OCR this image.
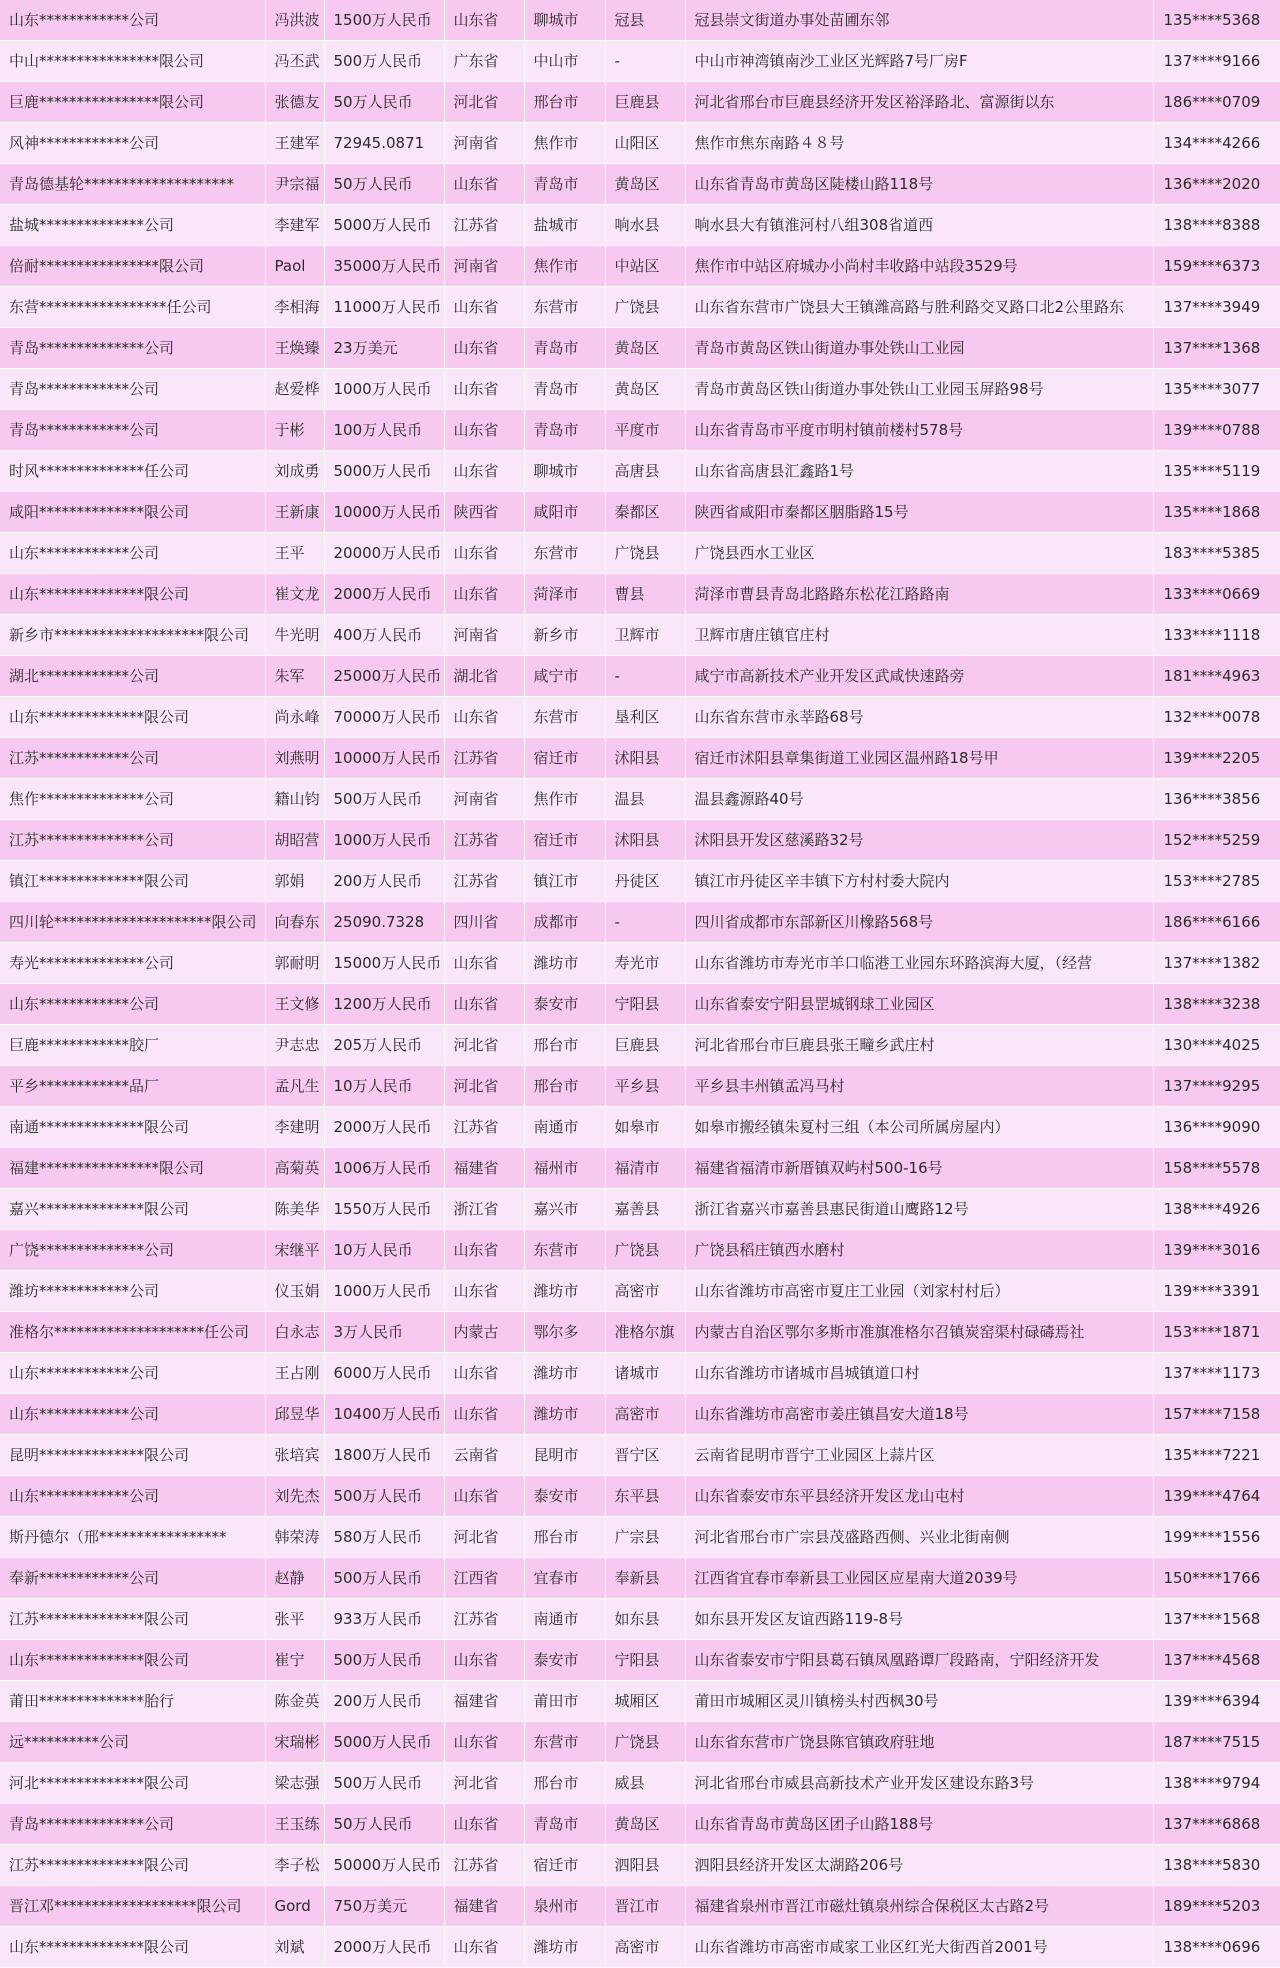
山东************公司	冯洪波	1500万人民币	山东省	聊城市	冠县	冠县崇文街道办事处苗圃东邻	135****5368
中山****************限公司	冯丕武	500万人民币	广东省	中山市	-	中山市神湾镇南沙工业区光辉路7号厂房F	137****9166
巨鹿****************限公司	张德友	50万人民币	河北省	邢台市	巨鹿县	河北省邢台市巨鹿县经济开发区裕泽路北、富源街以东	186****0709
风神************公司	王建军	72945.0871	河南省	焦作市	山阳区	焦作市焦东南路４８号	134****4266
青岛德基轮********************	尹宗福	50万人民币	山东省	青岛市	黄岛区	山东省青岛市黄岛区陡楼山路118号	136****2020
盐城**************公司	李建军	5000万人民币	江苏省	盐城市	响水县	响水县大有镇淮河村八组308省道西	138****8388
倍耐****************限公司	Paol	35000万人民币	河南省	焦作市	中站区	焦作市中站区府城办小尚村丰收路中站段3529号	159****6373
东营*****************任公司	李相海	11000万人民币	山东省	东营市	广饶县	山东省东营市广饶县大王镇潍高路与胜利路交叉路口北2公里路东	137****3949
青岛**************公司	王焕臻	23万美元	山东省	青岛市	黄岛区	青岛市黄岛区铁山街道办事处铁山工业园	137****1368
青岛************公司	赵爱桦	1000万人民币	山东省	青岛市	黄岛区	青岛市黄岛区铁山街道办事处铁山工业园玉屏路98号	135****3077
青岛************公司	于彬	100万人民币	山东省	青岛市	平度市	山东省青岛市平度市明村镇前楼村578号	139****0788
时风**************任公司	刘成勇	5000万人民币	山东省	聊城市	高唐县	山东省高唐县汇鑫路1号	135****5119
咸阳**************限公司	王新康	10000万人民币	陕西省	咸阳市	秦都区	陕西省咸阳市秦都区胭脂路15号	135****1868
山东************公司	王平	20000万人民币	山东省	东营市	广饶县	广饶县西水工业区	183****5385
山东**************限公司	崔文龙	2000万人民币	山东省	菏泽市	曹县	菏泽市曹县青岛北路路东松花江路路南	133****0669
新乡市********************限公司	牛光明	400万人民币	河南省	新乡市	卫辉市	卫辉市唐庄镇官庄村	133****1118
湖北************公司	朱军	25000万人民币	湖北省	咸宁市	-	咸宁市高新技术产业开发区武咸快速路旁	181****4963
山东**************限公司	尚永峰	70000万人民币	山东省	东营市	垦利区	山东省东营市永莘路68号	132****0078
江苏************公司	刘燕明	10000万人民币	江苏省	宿迁市	沭阳县	宿迁市沭阳县章集街道工业园区温州路18号甲	139****2205
焦作**************公司	籍山钧	500万人民币	河南省	焦作市	温县	温县鑫源路40号	136****3856
江苏**************公司	胡昭营	1000万人民币	江苏省	宿迁市	沭阳县	沭阳县开发区慈溪路32号	152****5259
镇江**************限公司	郭娟	200万人民币	江苏省	镇江市	丹徒区	镇江市丹徒区辛丰镇下方村村委大院内	153****2785
四川轮*********************限公司	向春东	25090.7328	四川省	成都市	-	四川省成都市东部新区川橡路568号	186****6166
寿光**************公司	郭耐明	15000万人民币	山东省	潍坊市	寿光市	山东省潍坊市寿光市羊口临港工业园东环路滨海大厦，（经营	137****1382
山东************公司	王文修	1200万人民币	山东省	泰安市	宁阳县	山东省泰安宁阳县罡城钢球工业园区	138****3238
巨鹿************胶厂	尹志忠	205万人民币	河北省	邢台市	巨鹿县	河北省邢台市巨鹿县张王疃乡武庄村	130****4025
平乡************品厂	孟凡生	10万人民币	河北省	邢台市	平乡县	平乡县丰州镇孟冯马村	137****9295
南通**************限公司	李建明	2000万人民币	江苏省	南通市	如皋市	如皋市搬经镇朱夏村三组（本公司所属房屋内）	136****9090
福建****************限公司	高菊英	1006万人民币	福建省	福州市	福清市	福建省福清市新厝镇双屿村500-16号	158****5578
嘉兴**************限公司	陈美华	1550万人民币	浙江省	嘉兴市	嘉善县	浙江省嘉兴市嘉善县惠民街道山鹰路12号	138****4926
广饶**************公司	宋继平	10万人民币	山东省	东营市	广饶县	广饶县稻庄镇西水磨村	139****3016
潍坊************公司	仪玉娟	1000万人民币	山东省	潍坊市	高密市	山东省潍坊市高密市夏庄工业园（刘家村村后）	139****3391
准格尔********************任公司	白永志	3万人民币	内蒙古	鄂尔多	准格尔旗	内蒙古自治区鄂尔多斯市准旗准格尔召镇炭窑渠村碌碡焉社	153****1871
山东************公司	王占刚	6000万人民币	山东省	潍坊市	诸城市	山东省潍坊市诸城市昌城镇道口村	137****1173
山东************公司	邱昱华	10400万人民币	山东省	潍坊市	高密市	山东省潍坊市高密市姜庄镇昌安大道18号	157****7158
昆明**************限公司	张培宾	1800万人民币	云南省	昆明市	晋宁区	云南省昆明市晋宁工业园区上蒜片区	135****7221
山东************公司	刘先杰	500万人民币	山东省	泰安市	东平县	山东省泰安市东平县经济开发区龙山屯村	139****4764
斯丹德尔（邢*****************	韩荣涛	580万人民币	河北省	邢台市	广宗县	河北省邢台市广宗县茂盛路西侧、兴业北街南侧	199****1556
奉新************公司	赵静	500万人民币	江西省	宜春市	奉新县	江西省宜春市奉新县工业园区应星南大道2039号	150****1766
江苏**************限公司	张平	933万人民币	江苏省	南通市	如东县	如东县开发区友谊西路119-8号	137****1568
山东**************限公司	崔宁	500万人民币	山东省	泰安市	宁阳县	山东省泰安市宁阳县葛石镇凤凰路谭厂段路南，宁阳经济开发	137****4568
莆田**************胎行	陈金英	200万人民币	福建省	莆田市	城厢区	莆田市城厢区灵川镇榜头村西枫30号	139****6394
远**********公司	宋瑞彬	5000万人民币	山东省	东营市	广饶县	山东省东营市广饶县陈官镇政府驻地	187****7515
河北**************限公司	梁志强	500万人民币	河北省	邢台市	威县	河北省邢台市威县高新技术产业开发区建设东路3号	138****9794
青岛**************公司	王玉练	50万人民币	山东省	青岛市	黄岛区	山东省青岛市黄岛区团子山路188号	137****6868
江苏**************限公司	李子松	50000万人民币	江苏省	宿迁市	泗阳县	泗阳县经济开发区太湖路206号	138****5830
晋江邓*******************限公司	Gord	750万美元	福建省	泉州市	晋江市	福建省泉州市晋江市磁灶镇泉州综合保税区太古路2号	189****5203
山东**************限公司	刘斌	2000万人民币	山东省	潍坊市	高密市	山东省潍坊市高密市咸家工业区红光大街西首2001号	138****0696
